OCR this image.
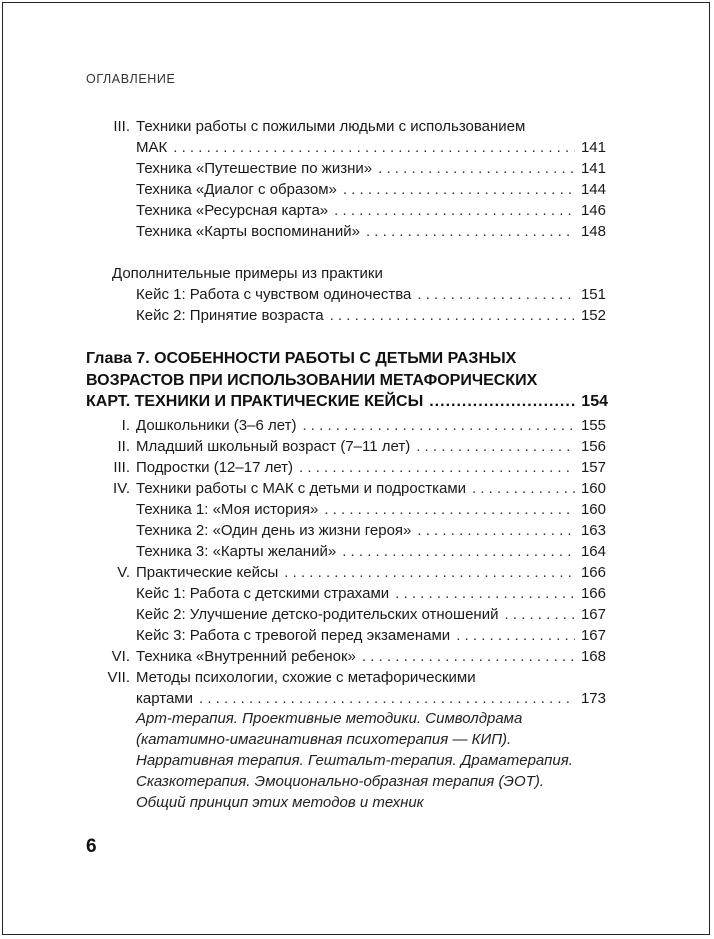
ОГЛАВЛЕНИЕ
III. Техники работы с пожилыми людьми с использованием
МАК . . .	141
Техника «Путешествие по жизни» . . .	141
Техника «Диалог с образом» . . .	144
Техника «Ресурсная карта» . . .	146
Техника «Карты воспоминаний» . . .	148
Дополнительные примеры из практики
Кейс 1: Работа с чувством одиночества . . .	151
Кейс 2: Принятие возраста . . .	152
Глава 7. ОСОБЕННОСТИ РАБОТЫ С ДЕТЬМИ РАЗНЫХ
ВОЗРАСТОВ ПРИ ИСПОЛЬЗОВАНИИ МЕТАФОРИЧЕСКИХ
КАРТ. ТЕХНИКИ И ПРАКТИЧЕСКИЕ КЕЙСЫ .....	154
I. Дошкольники (3–6 лет) . . .	155
II. Младший школьный возраст (7–11 лет) . . .	156
III. Подростки (12–17 лет) . . .	157
IV. Техники работы с МАК с детьми и подростками . . .	160
Техника 1: «Моя история» . . .	160
Техника 2: «Один день из жизни героя» . . .	163
Техника 3: «Карты желаний» . . .	164
V. Практические кейсы . . .	166
Кейс 1: Работа с детскими страхами . . .	166
Кейс 2: Улучшение детско-родительских отношений . . .	167
Кейс 3: Работа с тревогой перед экзаменами . . .	167
VI. Техника «Внутренний ребенок» . . .	168
VII. Методы психологии, схожие с метафорическими
картами . . .	173
Арт-терапия. Проективные методики. Символдрама
(кататимно-имагинативная психотерапия — КИП).
Нарративная терапия. Гештальт-терапия. Драматерапия.
Сказкотерапия. Эмоционально-образная терапия (ЭОТ).
Общий принцип этих методов и техник
6
